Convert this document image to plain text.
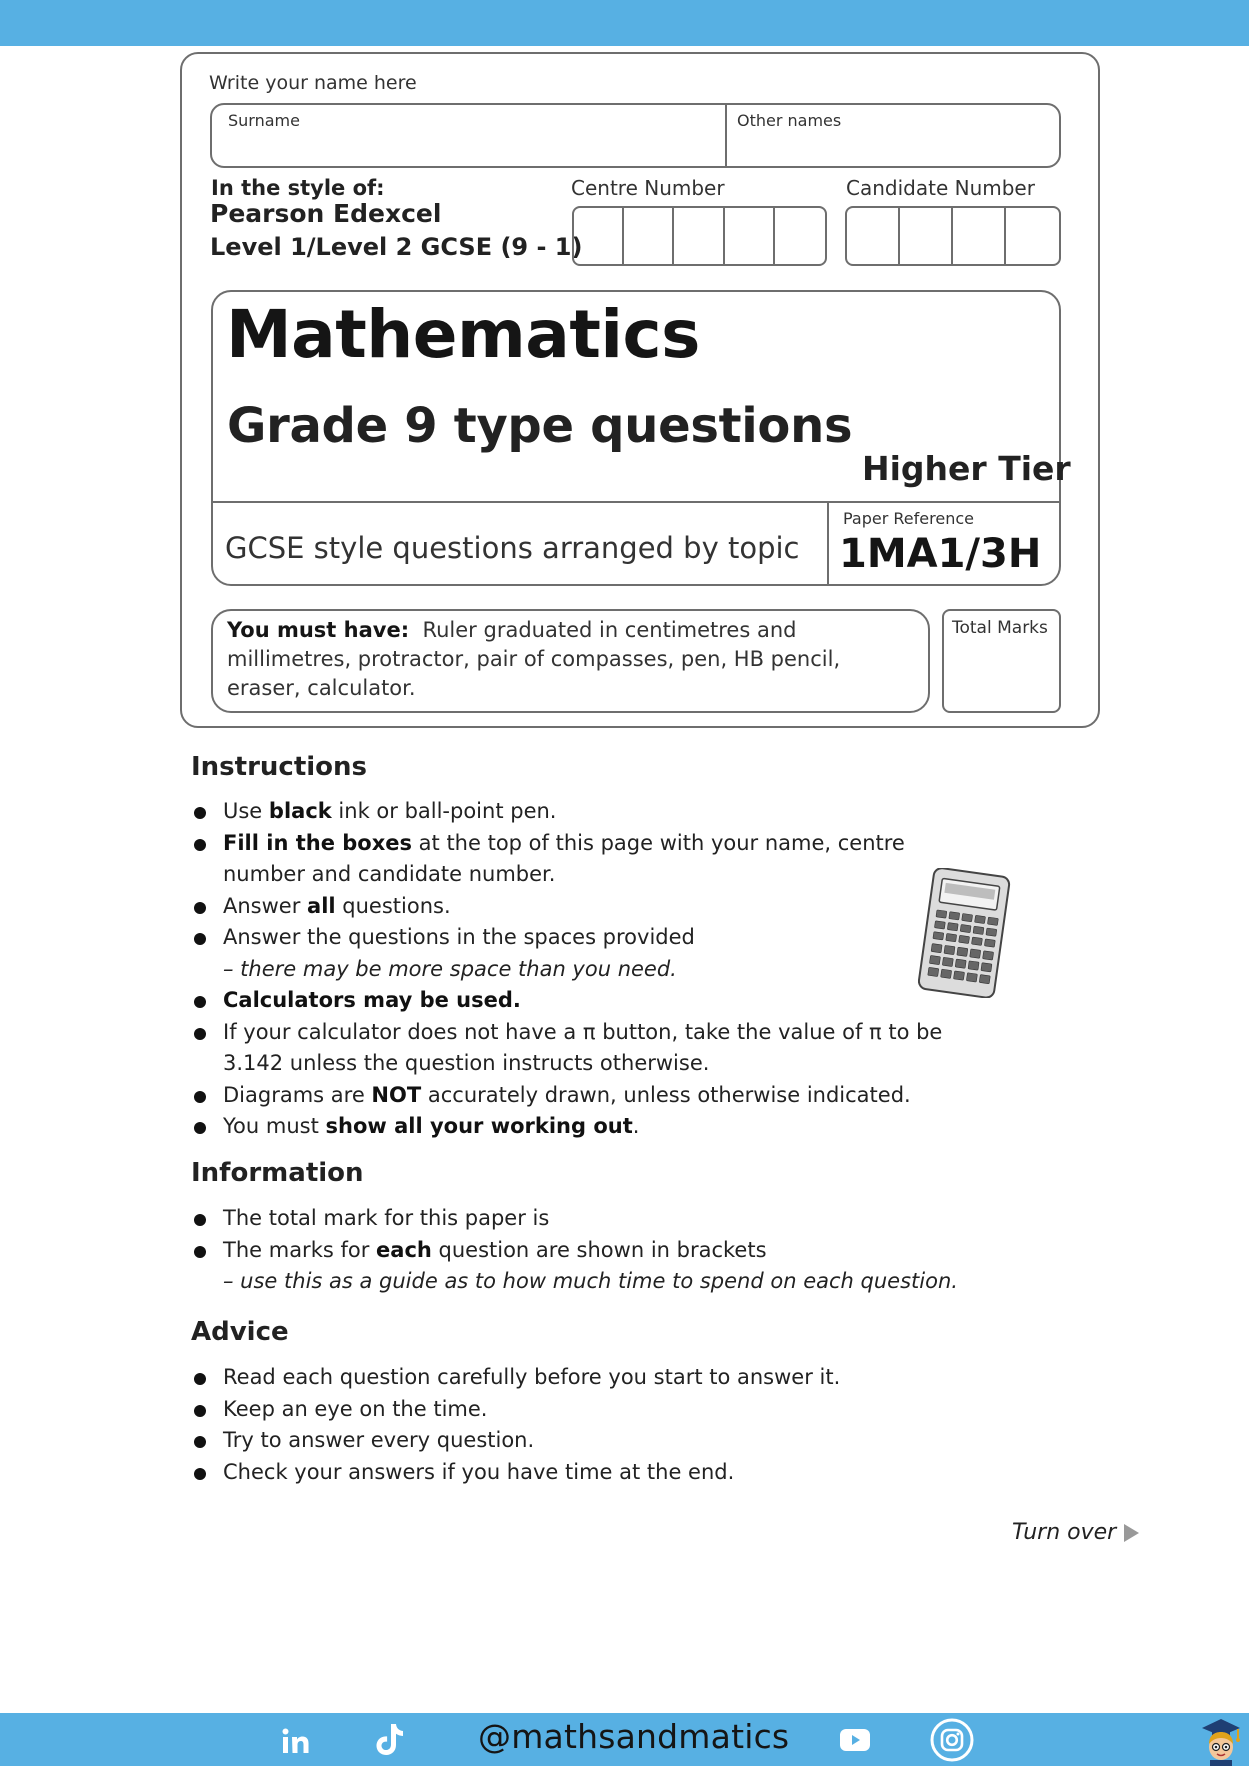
Write your name here
Surname	Other names
In the style of:
Pearson Edexcel
Level 1/Level 2 GCSE (9 - 1)
Centre Number	Candidate Number
Mathematics
Grade 9 type questions
Higher Tier
GCSE style questions arranged by topic
Paper Reference
1MA1/3H
You must have: Ruler graduated in centimetres and millimetres, protractor, pair of compasses, pen, HB pencil, eraser, calculator.
Total Marks
Instructions
Use black ink or ball-point pen.
Fill in the boxes at the top of this page with your name, centre number and candidate number.
Answer all questions.
Answer the questions in the spaces provided
– there may be more space than you need.
Calculators may be used.
If your calculator does not have a π button, take the value of π to be 3.142 unless the question instructs otherwise.
Diagrams are NOT accurately drawn, unless otherwise indicated.
You must show all your working out.
Information
The total mark for this paper is
The marks for each question are shown in brackets
– use this as a guide as to how much time to spend on each question.
Advice
Read each question carefully before you start to answer it.
Keep an eye on the time.
Try to answer every question.
Check your answers if you have time at the end.
Turn over
@mathsandmatics
